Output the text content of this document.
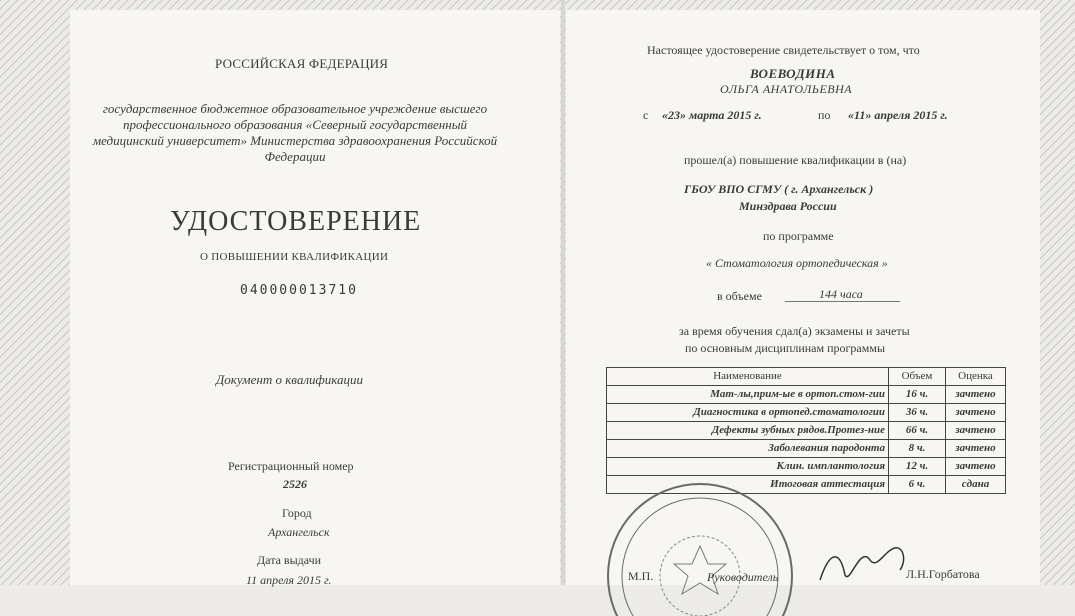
РОССИЙСКАЯ ФЕДЕРАЦИЯ
государственное бюджетное образовательное учреждение высшего профессионального образования «Северный государственный медицинский университет» Министерства здравоохранения Российской Федерации
УДОСТОВЕРЕНИЕ
О ПОВЫШЕНИИ КВАЛИФИКАЦИИ
040000013710
Документ о квалификации
Регистрационный номер
2526
Город
Архангельск
Дата выдачи
11 апреля 2015 г.
Настоящее удостоверение свидетельствует о том, что
ВОЕВОДИНА
ОЛЬГА АНАТОЛЬЕВНА
с «23» марта 2015 г.	по «11» апреля 2015 г.
прошел(а) повышение квалификации в (на)
ГБОУ ВПО СГМУ ( г. Архангельск )
Минздрава России
по программе
« Стоматология ортопедическая »
в объеме	144 часа
за время обучения сдал(а) экзамены и зачеты
по основным дисциплинам программы
Наименование	Объем	Оценка
Мат-лы,прим-ые в ортоп.стом-гии	16 ч.	зачтено
Диагностика в ортопед.стоматологии	36 ч.	зачтено
Дефекты зубных рядов.Протез-ние	66 ч.	зачтено
Заболевания пародонта	8 ч.	зачтено
Клин. имплантология	12 ч.	зачтено
Итоговая аттестация	6 ч.	сдана
М.П.	Руководитель	Л.Н.Горбатова
